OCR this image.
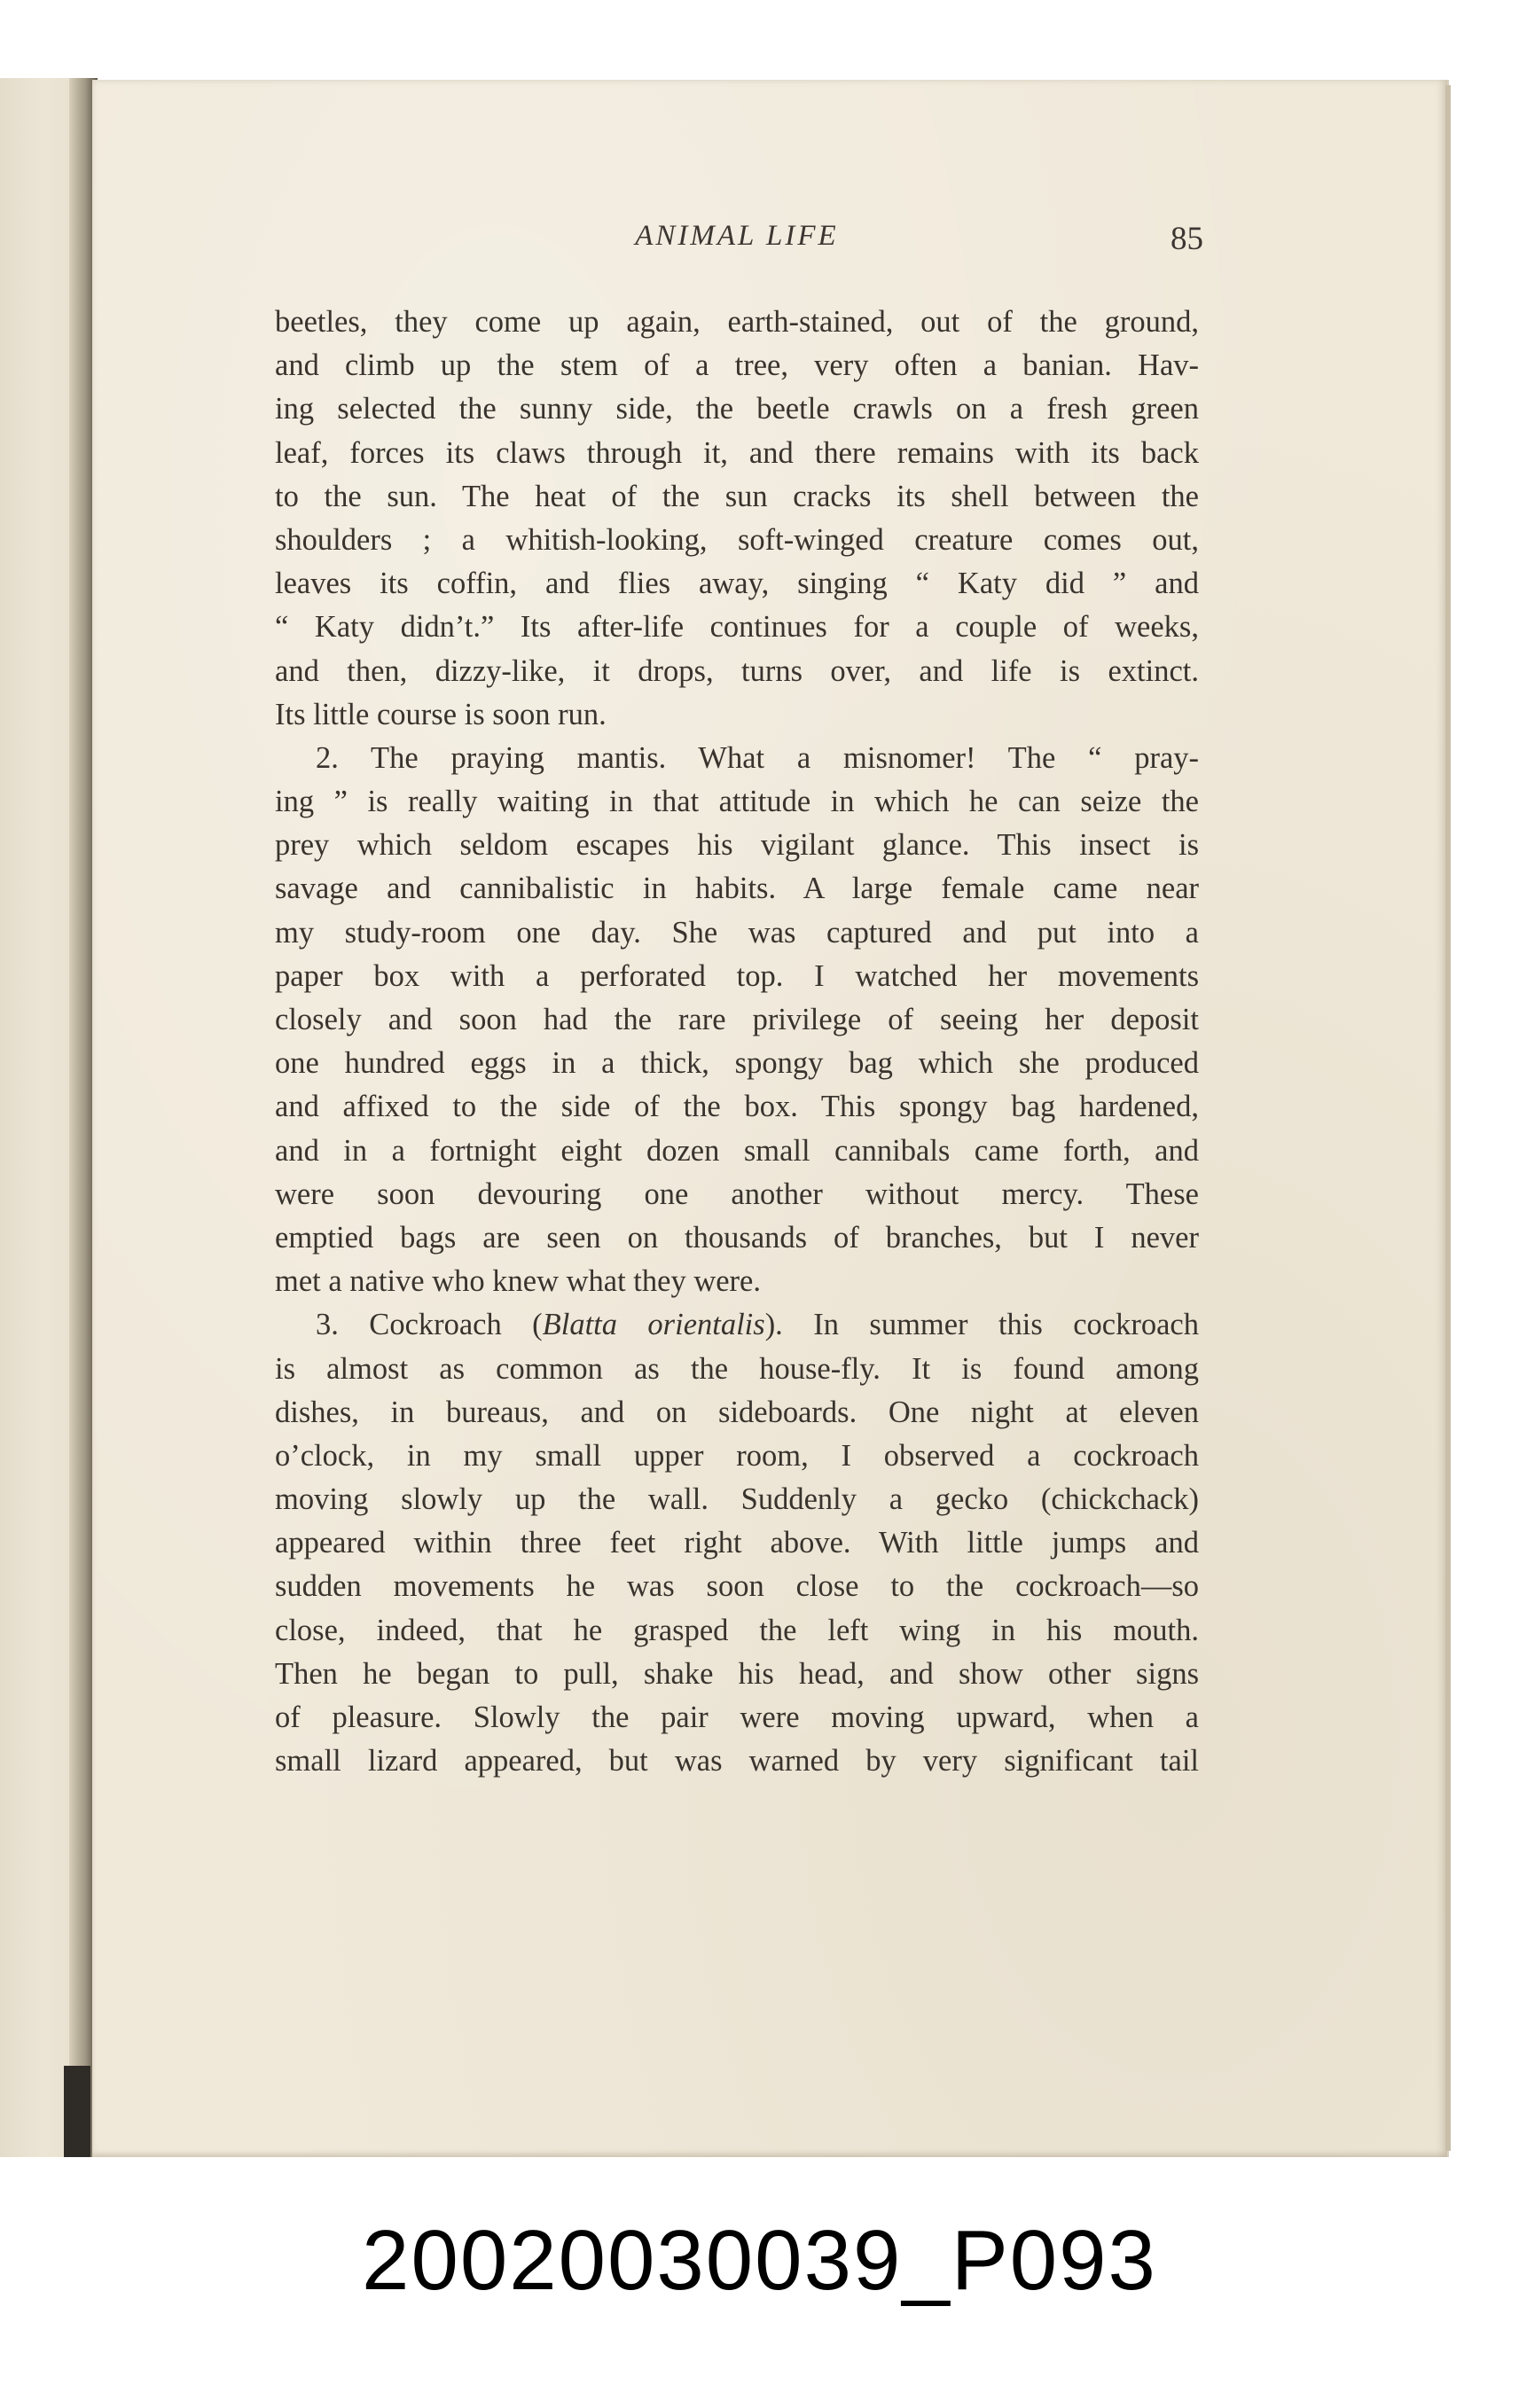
ANIMAL LIFE	85
beetles, they come up again, earth-stained, out of the ground,
and climb up the stem of a tree, very often a banian. Hav-
ing selected the sunny side, the beetle crawls on a fresh green
leaf, forces its claws through it, and there remains with its back
to the sun. The heat of the sun cracks its shell between the
shoulders ; a whitish-looking, soft-winged creature comes out,
leaves its coffin, and flies away, singing “ Katy did ” and
“ Katy didn’t.” Its after-life continues for a couple of weeks,
and then, dizzy-like, it drops, turns over, and life is extinct.
Its little course is soon run.
2. The praying mantis. What a misnomer! The “ pray-
ing ” is really waiting in that attitude in which he can seize the
prey which seldom escapes his vigilant glance. This insect is
savage and cannibalistic in habits. A large female came near
my study-room one day. She was captured and put into a
paper box with a perforated top. I watched her movements
closely and soon had the rare privilege of seeing her deposit
one hundred eggs in a thick, spongy bag which she produced
and affixed to the side of the box. This spongy bag hardened,
and in a fortnight eight dozen small cannibals came forth, and
were soon devouring one another without mercy. These
emptied bags are seen on thousands of branches, but I never
met a native who knew what they were.
3. Cockroach (Blatta orientalis). In summer this cockroach
is almost as common as the house-fly. It is found among
dishes, in bureaus, and on sideboards. One night at eleven
o’clock, in my small upper room, I observed a cockroach
moving slowly up the wall. Suddenly a gecko (chickchack)
appeared within three feet right above. With little jumps and
sudden movements he was soon close to the cockroach—so
close, indeed, that he grasped the left wing in his mouth.
Then he began to pull, shake his head, and show other signs
of pleasure. Slowly the pair were moving upward, when a
small lizard appeared, but was warned by very significant tail
20020030039_P093
